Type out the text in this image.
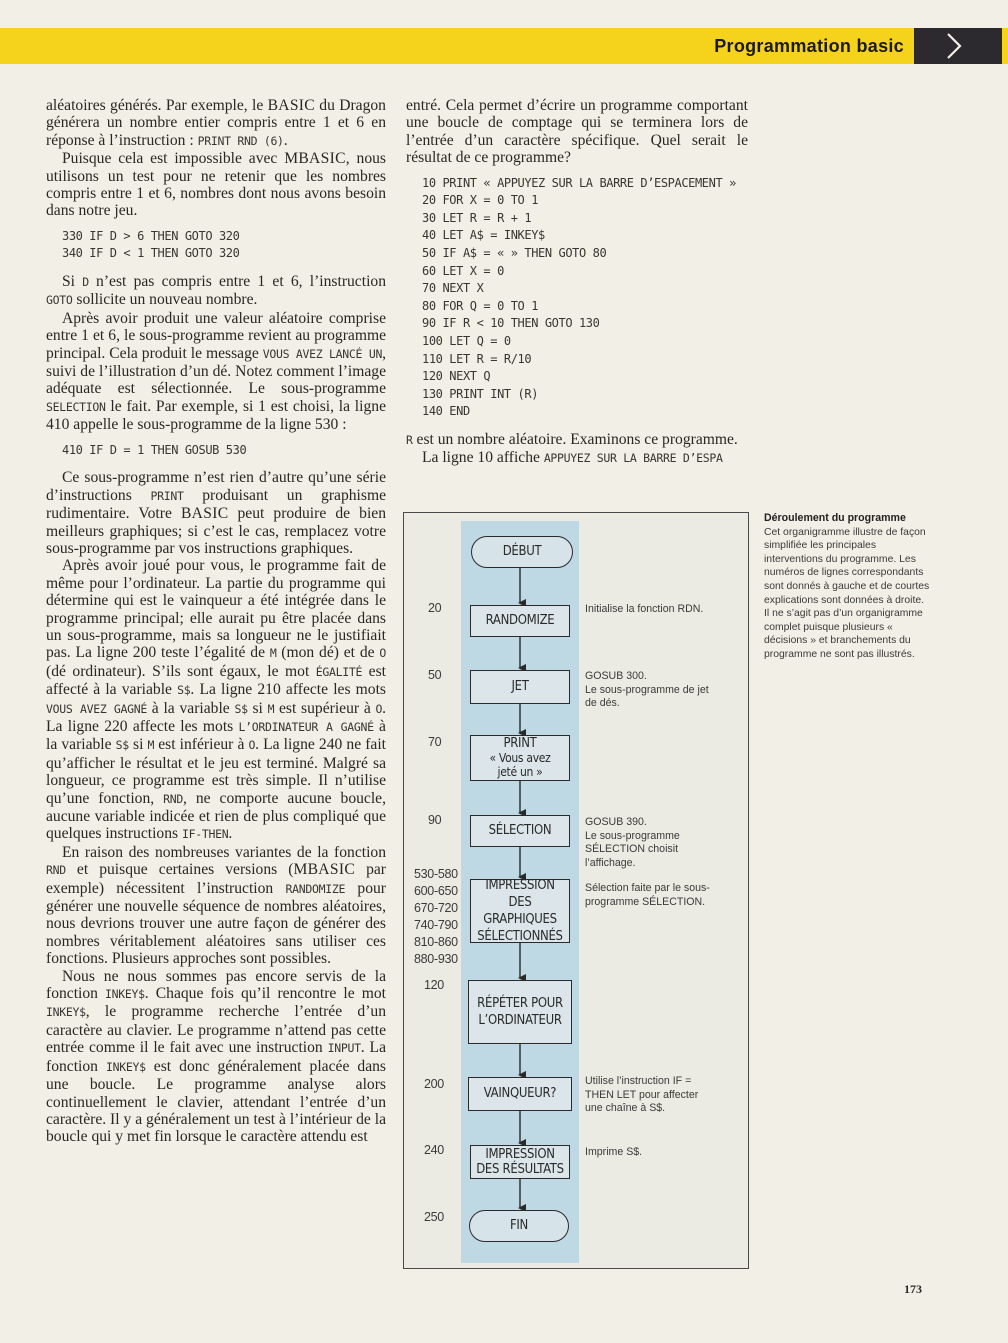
Programmation basic

aléatoires générés. Par exemple, le BASIC du Dragon générera un nombre entier compris entre 1 et 6 en réponse à l’instruction : PRINT RND (6).

Puisque cela est impossible avec MBASIC, nous utilisons un test pour ne retenir que les nombres compris entre 1 et 6, nombres dont nous avons besoin dans notre jeu.

330 IF D > 6 THEN GOTO 320
340 IF D < 1 THEN GOTO 320

Si D n’est pas compris entre 1 et 6, l’instruction GOTO sollicite un nouveau nombre.

Après avoir produit une valeur aléatoire comprise entre 1 et 6, le sous-programme revient au programme principal. Cela produit le message VOUS AVEZ LANCÉ UN, suivi de l’illustration d’un dé. Notez comment l’image adéquate est sélectionnée. Le sous-programme SELECTION le fait. Par exemple, si 1 est choisi, la ligne 410 appelle le sous-programme de la ligne 530 :

410 IF D = 1 THEN GOSUB 530

Ce sous-programme n’est rien d’autre qu’une série d’instructions PRINT produisant un graphisme rudimentaire. Votre BASIC peut produire de bien meilleurs graphiques; si c’est le cas, remplacez votre sous-programme par vos instructions graphiques.

Après avoir joué pour vous, le programme fait de même pour l’ordinateur. La partie du programme qui détermine qui est le vainqueur a été intégrée dans le programme principal; elle aurait pu être placée dans un sous-programme, mais sa longueur ne le justifiait pas. La ligne 200 teste l’égalité de M (mon dé) et de O (dé ordinateur). S’ils sont égaux, le mot ÉGALITÉ est affecté à la variable S$. La ligne 210 affecte les mots VOUS AVEZ GAGNÉ à la variable S$ si M est supérieur à O. La ligne 220 affecte les mots L’ORDINATEUR A GAGNÉ à la variable S$ si M est inférieur à O. La ligne 240 ne fait qu’afficher le résultat et le jeu est terminé. Malgré sa longueur, ce programme est très simple. Il n’utilise qu’une fonction, RND, ne comporte aucune boucle, aucune variable indicée et rien de plus compliqué que quelques instructions IF-THEN.

En raison des nombreuses variantes de la fonction RND et puisque certaines versions (MBASIC par exemple) nécessitent l’instruction RANDOMIZE pour générer une nouvelle séquence de nombres aléatoires, nous devrions trouver une autre façon de générer des nombres véritablement aléatoires sans utiliser ces fonctions. Plusieurs approches sont possibles.

Nous ne nous sommes pas encore servis de la fonction INKEY$. Chaque fois qu’il rencontre le mot INKEY$, le programme recherche l’entrée d’un caractère au clavier. Le programme n’attend pas cette entrée comme il le fait avec une instruction INPUT. La fonction INKEY$ est donc généralement placée dans une boucle. Le programme analyse alors continuellement le clavier, attendant l’entrée d’un caractère. Il y a généralement un test à l’intérieur de la boucle qui y met fin lorsque le caractère attendu est

entré. Cela permet d’écrire un programme comportant une boucle de comptage qui se terminera lors de l’entrée d’un caractère spécifique. Quel serait le résultat de ce programme?

10 PRINT « APPUYEZ SUR LA BARRE D’ESPACEMENT »
20 FOR X = 0 TO 1
30 LET R = R + 1
40 LET A$ = INKEY$
50 IF A$ = « » THEN GOTO 80
60 LET X = 0
70 NEXT X
80 FOR Q = 0 TO 1
90 IF R < 10 THEN GOTO 130
100 LET Q = 0
110 LET R = R/10
120 NEXT Q
130 PRINT INT (R)
140 END

R est un nombre aléatoire. Examinons ce programme.

La ligne 10 affiche APPUYEZ SUR LA BARRE D’ESPA

DÉBUT
RANDOMIZE
JET
PRINT
« Vous avez
jeté un »
SÉLECTION
IMPRESSION
DES GRAPHIQUES
SÉLECTIONNÉS
RÉPÉTER POUR
L’ORDINATEUR
VAINQUEUR?
IMPRESSION
DES RÉSULTATS
FIN
20
50
70
90
530-580
600-650
670-720
740-790
810-860
880-930
120
200
240
250
Initialise la fonction RDN.
GOSUB 300.
Le sous-programme de jet de dés.
GOSUB 390.
Le sous-programme SÉLECTION choisit l’affichage.
Sélection faite par le sous-programme SÉLECTION.
Utilise l’instruction IF = THEN LET pour affecter une chaîne à S$.
Imprime S$.
Déroulement du programme
Cet organigramme illustre de façon simplifiée les principales interventions du programme. Les numéros de lignes correspondants sont donnés à gauche et de courtes explications sont données à droite. Il ne s’agit pas d’un organigramme complet puisque plusieurs « décisions » et branchements du programme ne sont pas illustrés.
173
